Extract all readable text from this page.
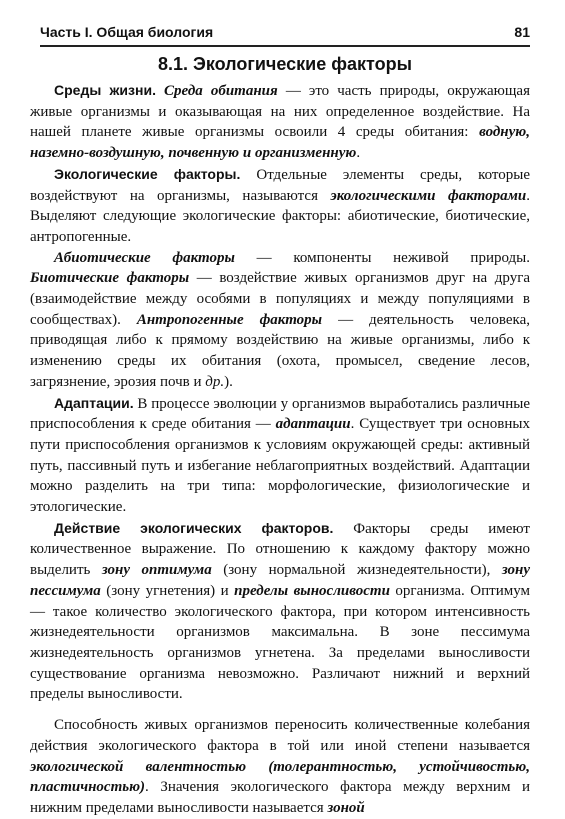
Часть I. Общая биология	81
8.1. Экологические факторы

Среды жизни. Среда обитания — это часть природы, окружающая живые организмы и оказывающая на них определенное воздействие. На нашей планете живые организмы освоили 4 среды обитания: водную, наземно-воздушную, почвенную и организменную.

Экологические факторы. Отдельные элементы среды, которые воздействуют на организмы, называются экологическими факторами. Выделяют следующие экологические факторы: абиотические, биотические, антропогенные.

Абиотические факторы — компоненты неживой природы. Биотические факторы — воздействие живых организмов друг на друга (взаимодействие между особями в популяциях и между популяциями в сообществах). Антропогенные факторы — деятельность человека, приводящая либо к прямому воздействию на живые организмы, либо к изменению среды их обитания (охота, промысел, сведение лесов, загрязнение, эрозия почв и др.).

Адаптации. В процессе эволюции у организмов выработались различные приспособления к среде обитания — адаптации. Существует три основных пути приспособления организмов к условиям окружающей среды: активный путь, пассивный путь и избегание неблагоприятных воздействий. Адаптации можно разделить на три типа: морфологические, физиологические и этологические.

Действие экологических факторов. Факторы среды имеют количественное выражение. По отношению к каждому фактору можно выделить зону оптимума (зону нормальной жизнедеятельности), зону пессимума (зону угнетения) и пределы выносливости организма. Оптимум — такое количество экологического фактора, при котором интенсивность жизнедеятельности организмов максимальна. В зоне пессимума жизнедеятельность организмов угнетена. За пределами выносливости существование организма невозможно. Различают нижний и верхний пределы выносливости.

Способность живых организмов переносить количественные колебания действия экологического фактора в той или иной степени называется экологической валентностью (толерантностью, устойчивостью, пластичностью). Значения экологического фактора между верхним и нижним пределами выносливости называется зоной
